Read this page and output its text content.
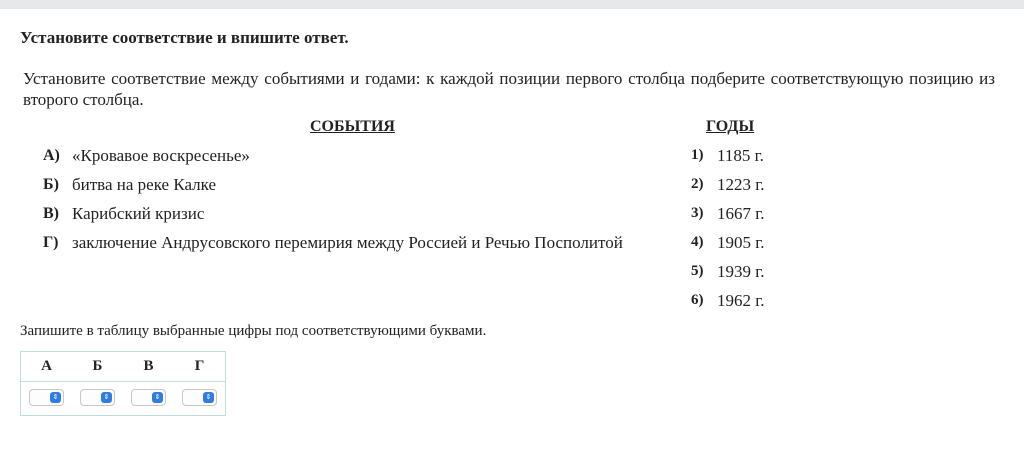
Установите соответствие и впишите ответ.
Установите соответствие между событиями и годами: к каждой позиции первого столбца подберите соответствующую позицию из второго столбца.
СОБЫТИЯ	ГОДЫ
А) «Кровавое воскресенье»
Б) битва на реке Калке
В) Карибский кризис
Г) заключение Андрусовского перемирия между Россией и Речью Посполитой
1) 1185 г.
2) 1223 г.
3) 1667 г.
4) 1905 г.
5) 1939 г.
6) 1962 г.
Запишите в таблицу выбранные цифры под соответствующими буквами.
А	Б	В	Г
⇕	⇕	⇕	⇕
